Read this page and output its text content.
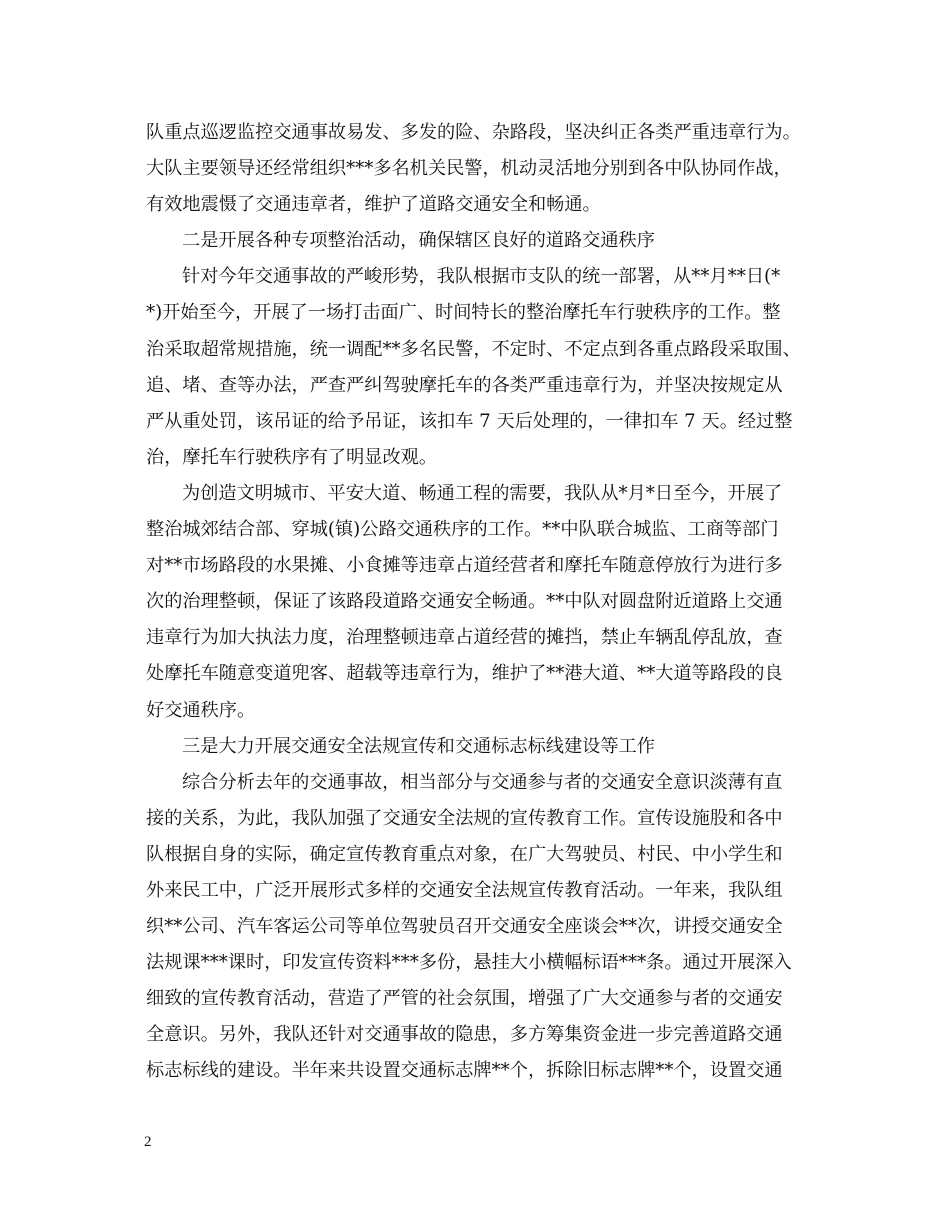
队重点巡逻监控交通事故易发、多发的险、杂路段，坚决纠正各类严重违章行为。
大队主要领导还经常组织***多名机关民警，机动灵活地分别到各中队协同作战，
有效地震慑了交通违章者，维护了道路交通安全和畅通。

二是开展各种专项整治活动，确保辖区良好的道路交通秩序

针对今年交通事故的严峻形势，我队根据市支队的统一部署，从**月**日(*
*)开始至今，开展了一场打击面广、时间特长的整治摩托车行驶秩序的工作。整
治采取超常规措施，统一调配**多名民警，不定时、不定点到各重点路段采取围、
追、堵、查等办法，严查严纠驾驶摩托车的各类严重违章行为，并坚决按规定从
严从重处罚，该吊证的给予吊证，该扣车 7 天后处理的，一律扣车 7 天。经过整
治，摩托车行驶秩序有了明显改观。

为创造文明城市、平安大道、畅通工程的需要，我队从*月*日至今，开展了
整治城郊结合部、穿城(镇)公路交通秩序的工作。**中队联合城监、工商等部门
对**市场路段的水果摊、小食摊等违章占道经营者和摩托车随意停放行为进行多
次的治理整顿，保证了该路段道路交通安全畅通。**中队对圆盘附近道路上交通
违章行为加大执法力度，治理整顿违章占道经营的摊挡，禁止车辆乱停乱放，查
处摩托车随意变道兜客、超载等违章行为，维护了**港大道、**大道等路段的良
好交通秩序。

三是大力开展交通安全法规宣传和交通标志标线建设等工作

综合分析去年的交通事故，相当部分与交通参与者的交通安全意识淡薄有直
接的关系，为此，我队加强了交通安全法规的宣传教育工作。宣传设施股和各中
队根据自身的实际，确定宣传教育重点对象，在广大驾驶员、村民、中小学生和
外来民工中，广泛开展形式多样的交通安全法规宣传教育活动。一年来，我队组
织**公司、汽车客运公司等单位驾驶员召开交通安全座谈会**次，讲授交通安全
法规课***课时，印发宣传资料***多份，悬挂大小横幅标语***条。通过开展深入
细致的宣传教育活动，营造了严管的社会氛围，增强了广大交通参与者的交通安
全意识。另外，我队还针对交通事故的隐患，多方筹集资金进一步完善道路交通
标志标线的建设。半年来共设置交通标志牌**个，拆除旧标志牌**个，设置交通

2
